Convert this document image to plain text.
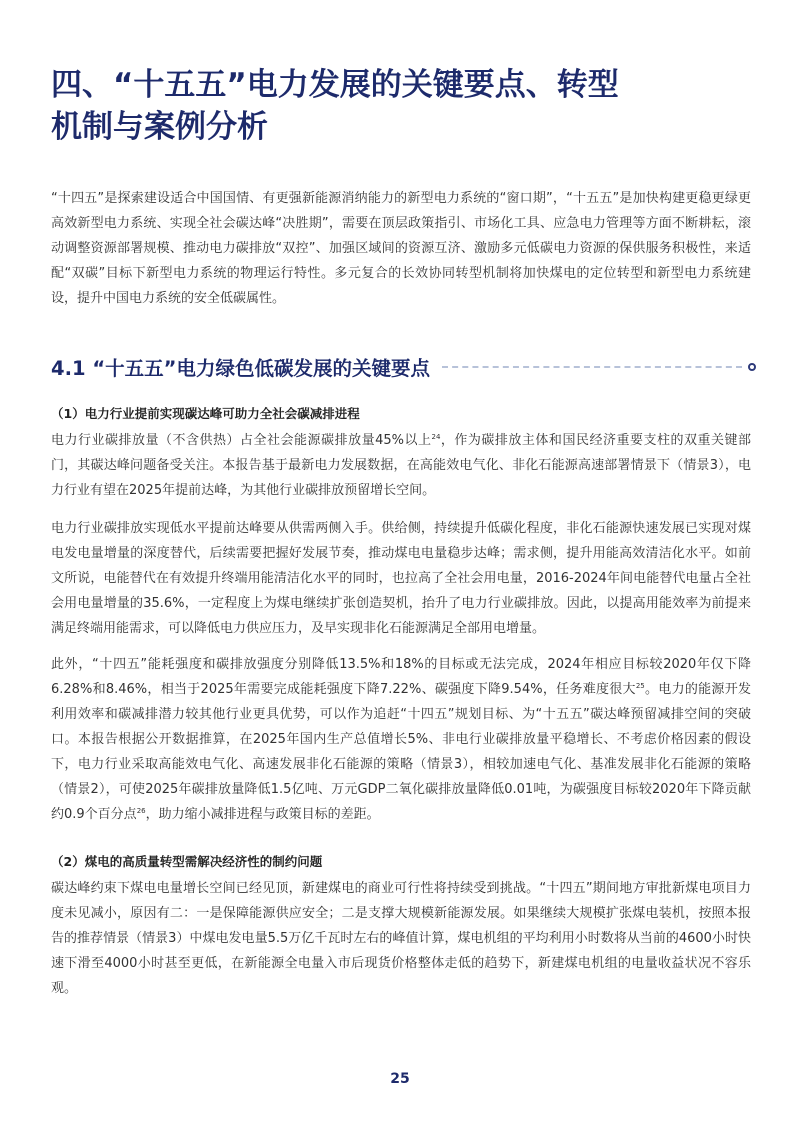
四、“十五五”电力发展的关键要点、转型
机制与案例分析

“十四五”是探索建设适合中国国情、有更强新能源消纳能力的新型电力系统的“窗口期”，“十五五”是加快构建更稳更绿更高效新型电力系统、实现全社会碳达峰“决胜期”，需要在顶层政策指引、市场化工具、应急电力管理等方面不断耕耘，滚动调整资源部署规模、推动电力碳排放“双控”、加强区域间的资源互济、激励多元低碳电力资源的保供服务积极性，来适配“双碳”目标下新型电力系统的物理运行特性。多元复合的长效协同转型机制将加快煤电的定位转型和新型电力系统建设，提升中国电力系统的安全低碳属性。

4.1 “十五五”电力绿色低碳发展的关键要点

（1）电力行业提前实现碳达峰可助力全社会碳减排进程

电力行业碳排放量（不含供热）占全社会能源碳排放量45%以上$^{24}$，作为碳排放主体和国民经济重要支柱的双重关键部门，其碳达峰问题备受关注。本报告基于最新电力发展数据，在高能效电气化、非化石能源高速部署情景下（情景3），电力行业有望在2025年提前达峰，为其他行业碳排放预留增长空间。

电力行业碳排放实现低水平提前达峰要从供需两侧入手。供给侧，持续提升低碳化程度，非化石能源快速发展已实现对煤电发电量增量的深度替代，后续需要把握好发展节奏，推动煤电电量稳步达峰；需求侧，提升用能高效清洁化水平。如前文所说，电能替代在有效提升终端用能清洁化水平的同时，也拉高了全社会用电量，2016-2024年间电能替代电量占全社会用电量增量的35.6%，一定程度上为煤电继续扩张创造契机，抬升了电力行业碳排放。因此，以提高用能效率为前提来满足终端用能需求，可以降低电力供应压力，及早实现非化石能源满足全部用电增量。

此外，“十四五”能耗强度和碳排放强度分别降低13.5%和18%的目标或无法完成，2024年相应目标较2020年仅下降6.28%和8.46%，相当于2025年需要完成能耗强度下降7.22%、碳强度下降9.54%，任务难度很大$^{25}$。电力的能源开发利用效率和碳减排潜力较其他行业更具优势，可以作为追赶“十四五”规划目标、为“十五五”碳达峰预留减排空间的突破口。本报告根据公开数据推算，在2025年国内生产总值增长5%、非电行业碳排放量平稳增长、不考虑价格因素的假设下，电力行业采取高能效电气化、高速发展非化石能源的策略（情景3），相较加速电气化、基准发展非化石能源的策略（情景2），可使2025年碳排放量降低1.5亿吨、万元GDP二氧化碳排放量降低0.01吨，为碳强度目标较2020年下降贡献约0.9个百分点$^{26}$，助力缩小减排进程与政策目标的差距。

（2）煤电的高质量转型需解决经济性的制约问题

碳达峰约束下煤电电量增长空间已经见顶，新建煤电的商业可行性将持续受到挑战。“十四五”期间地方审批新煤电项目力度未见减小，原因有二：一是保障能源供应安全；二是支撑大规模新能源发展。如果继续大规模扩张煤电装机，按照本报告的推荐情景（情景3）中煤电发电量5.5万亿千瓦时左右的峰值计算，煤电机组的平均利用小时数将从当前的4600小时快速下滑至4000小时甚至更低，在新能源全电量入市后现货价格整体走低的趋势下，新建煤电机组的电量收益状况不容乐观。

25
